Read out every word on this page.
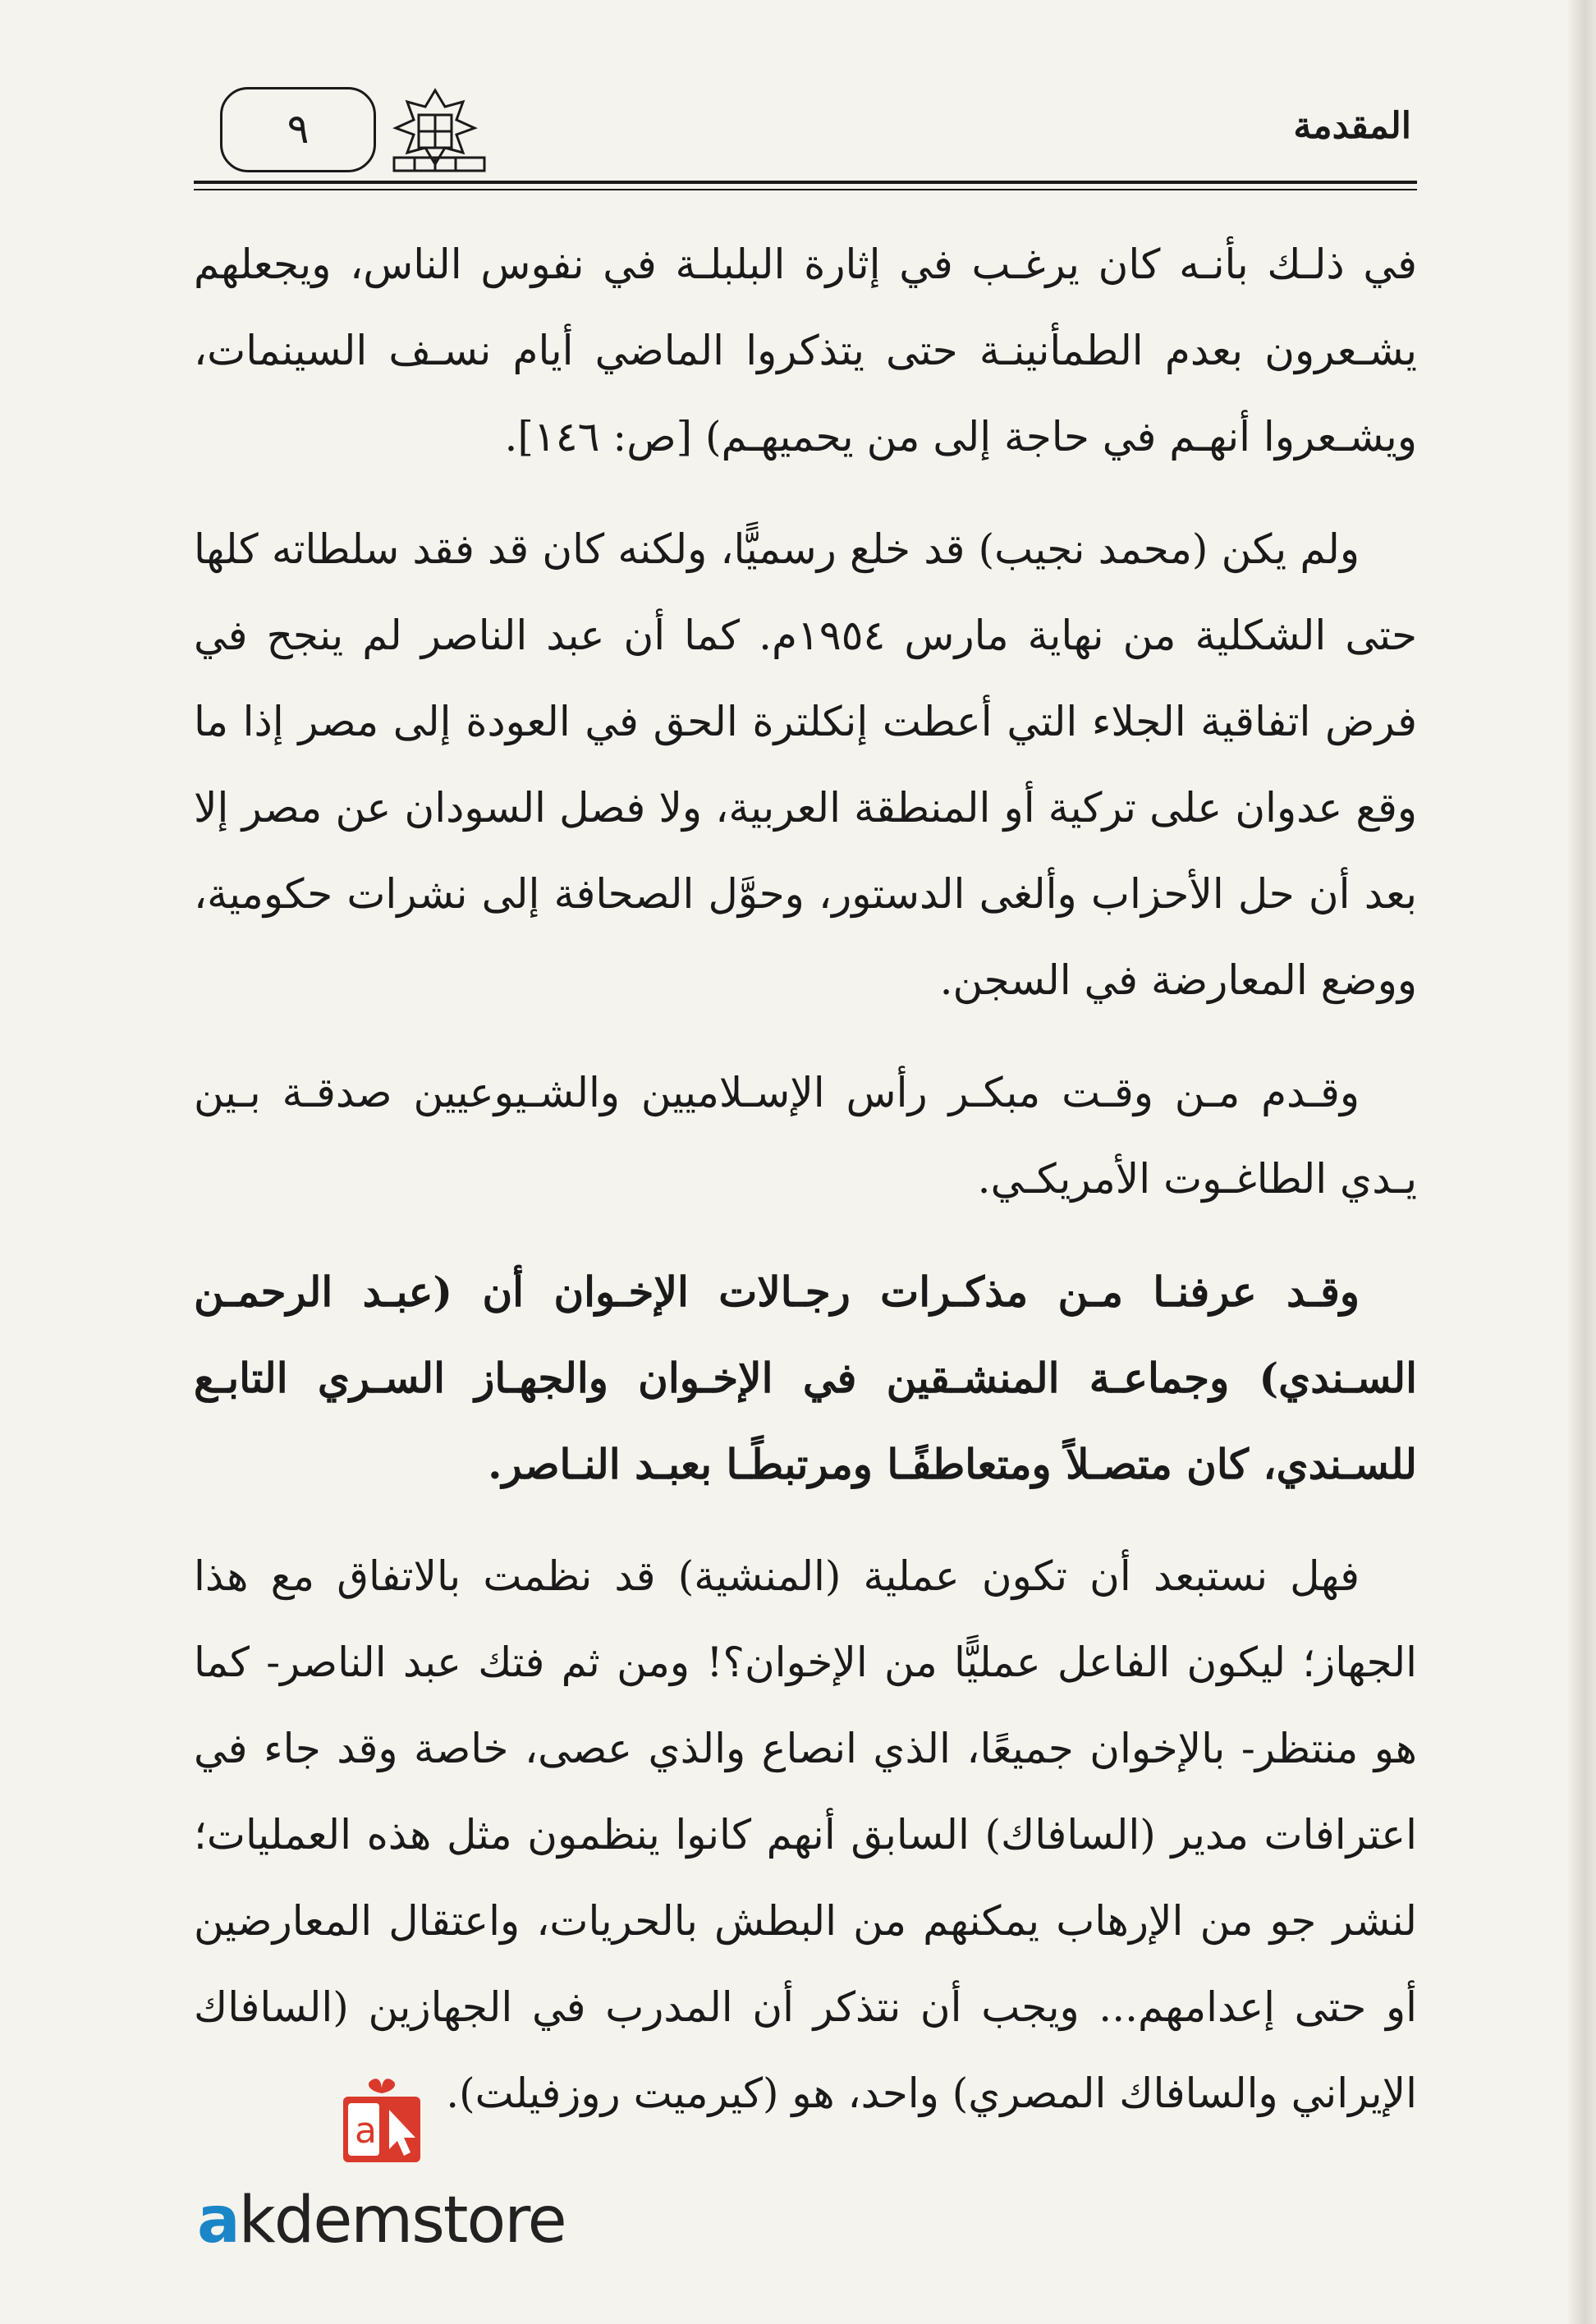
المقدمة
٩

في ذلـك بأنـه كان يرغـب في إثارة البلبلـة في نفوس الناس، ويجعلهم يشـعرون بعدم الطمأنينـة حتى يتذكروا الماضي أيام نسـف السينمات، ويشـعروا أنهـم في حاجة إلى من يحميهـم) [ص: ١٤٦].

ولم يكن (محمد نجيب) قد خلع رسميًّا، ولكنه كان قد فقد سلطاته كلها حتى الشكلية من نهاية مارس ١٩٥٤م. كما أن عبد الناصر لم ينجح في فرض اتفاقية الجلاء التي أعطت إنكلترة الحق في العودة إلى مصر إذا ما وقع عدوان على تركية أو المنطقة العربية، ولا فصل السودان عن مصر إلا بعد أن حل الأحزاب وألغى الدستور، وحوَّل الصحافة إلى نشرات حكومية، ووضع المعارضة في السجن.

وقـدم مـن وقـت مبكـر رأس الإسـلاميين والشـيوعيين صدقـة بـين يـدي الطاغـوت الأمريكـي.

وقـد عرفنـا مـن مذكـرات رجـالات الإخـوان أن (عبـد الرحمـن السـندي) وجماعـة المنشـقين في الإخـوان والجهـاز السـري التابـع للسـندي، كان متصـلاً ومتعاطفًـا ومرتبطًـا بعبـد النـاصر.

فهل نستبعد أن تكون عملية (المنشية) قد نظمت بالاتفاق مع هذا الجهاز؛ ليكون الفاعل عمليًّا من الإخوان؟! ومن ثم فتك عبد الناصر- كما هو منتظر- بالإخوان جميعًا، الذي انصاع والذي عصى، خاصة وقد جاء في اعترافات مدير (السافاك) السابق أنهم كانوا ينظمون مثل هذه العمليات؛ لنشر جو من الإرهاب يمكنهم من البطش بالحريات، واعتقال المعارضين أو حتى إعدامهم... ويجب أن نتذكر أن المدرب في الجهازين (السافاك الإيراني والسافاك المصري) واحد، هو (كيرميت روزفيلت).

a
akdemstore
